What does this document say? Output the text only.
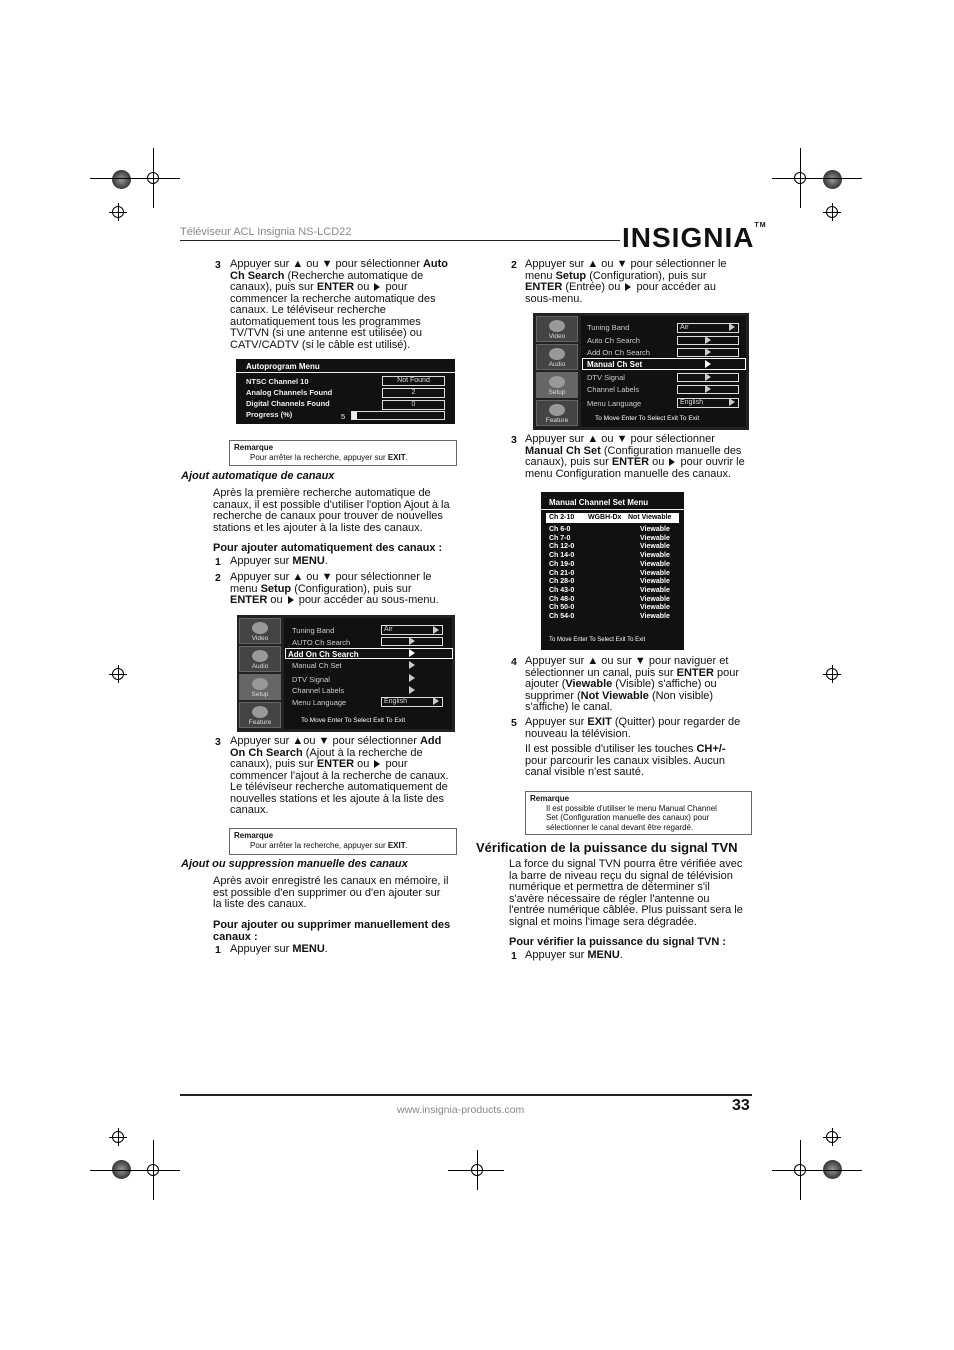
Téléviseur ACL Insignia NS-LCD22	INSIGNIA™
3 Appuyer sur ▲ ou ▼ pour sélectionner Auto
Ch Search (Recherche automatique de
canaux), puis sur ENTER ou  pour
commencer la recherche automatique des
canaux. Le téléviseur recherche
automatiquement tous les programmes
TV/TVN (si une antenne est utilisée) ou
CATV/CADTV (si le câble est utilisé).
Autoprogram Menu
NTSC Channel 10	Not Found
Analog Channels Found	2
Digital Channels Found	0
Progress (%)	5
Remarque
Pour arrêter la recherche, appuyer sur EXIT.
Ajout automatique de canaux
Après la première recherche automatique de
canaux, il est possible d'utiliser l'option Ajout à la
recherche de canaux pour trouver de nouvelles
stations et les ajouter à la liste des canaux.
Pour ajouter automatiquement des canaux :
1 Appuyer sur MENU.
2 Appuyer sur ▲ ou ▼ pour sélectionner le
menu Setup (Configuration), puis sur
ENTER ou  pour accéder au sous-menu.
Video
Audio
Setup
Feature
Tuning Band	Air
AUTO Ch Search
Add On Ch Search
Manual Ch Set
DTV Signal
Channel Labels
Menu Language	English
To Move Enter To Select Exit To Exit
3 Appuyer sur ▲ou ▼ pour sélectionner Add
On Ch Search (Ajout à la recherche de
canaux), puis sur ENTER ou  pour
commencer l'ajout à la recherche de canaux.
Le téléviseur recherche automatiquement de
nouvelles stations et les ajoute à la liste des
canaux.
Remarque
Pour arrêter la recherche, appuyer sur EXIT.
Ajout ou suppression manuelle des canaux
Après avoir enregistré les canaux en mémoire, il
est possible d'en supprimer ou d'en ajouter sur
la liste des canaux.
Pour ajouter ou supprimer manuellement des
canaux :
1 Appuyer sur MENU.
2 Appuyer sur ▲ ou ▼ pour sélectionner le
menu Setup (Configuration), puis sur
ENTER (Entrée) ou  pour accéder au
sous-menu.
Video
Audio
Setup
Feature
Tuning Band	Air
Auto Ch Search
Add On Ch Search
Manual Ch Set
DTV Signal
Channel Labels
Menu Language	English
To Move Enter To Select Exit To Exit
3 Appuyer sur ▲ ou ▼ pour sélectionner
Manual Ch Set (Configuration manuelle des
canaux), puis sur ENTER ou  pour ouvrir le
menu Configuration manuelle des canaux.
Manual Channel Set Menu
Ch 2-10 WGBH-Dx Not Viewable
Ch 6-0	Viewable
Ch 7-0	Viewable
Ch 12-0	Viewable
Ch 14-0	Viewable
Ch 19-0	Viewable
Ch 21-0	Viewable
Ch 28-0	Viewable
Ch 43-0	Viewable
Ch 48-0	Viewable
Ch 50-0	Viewable
Ch 54-0	Viewable
To Move Enter To Select Exit To Exit
4 Appuyer sur ▲ ou sur ▼ pour naviguer et
sélectionner un canal, puis sur ENTER pour
ajouter (Viewable (Visible) s'affiche) ou
supprimer (Not Viewable (Non visible)
s'affiche) le canal.
5 Appuyer sur EXIT (Quitter) pour regarder de
nouveau la télévision.
Il est possible d'utiliser les touches CH+/-
pour parcourir les canaux visibles. Aucun
canal visible n'est sauté.
Remarque
Il est possible d'utiliser le menu Manual Channel
Set (Configuration manuelle des canaux) pour
sélectionner le canal devant être regardé.
Vérification de la puissance du signal TVN
La force du signal TVN pourra être vérifiée avec
la barre de niveau reçu du signal de télévision
numérique et permettra de déterminer s'il
s'avère nécessaire de régler l'antenne ou
l'entrée numérique câblée. Plus puissant sera le
signal et moins l'image sera dégradée.
Pour vérifier la puissance du signal TVN :
1 Appuyer sur MENU.
www.insignia-products.com	33
